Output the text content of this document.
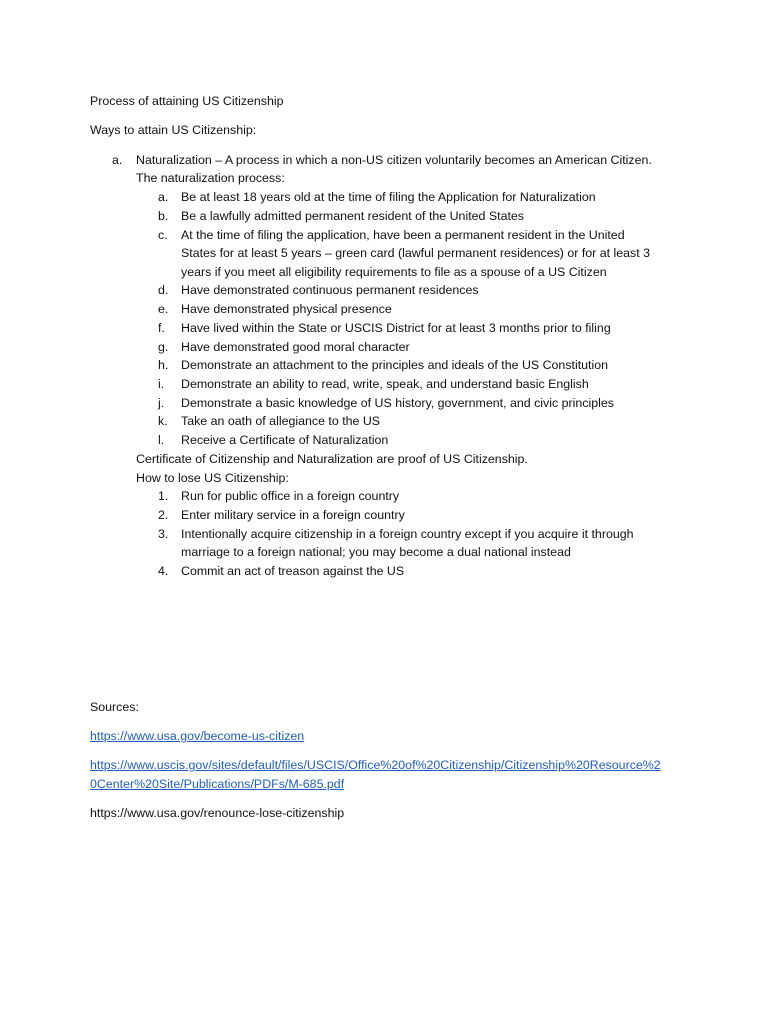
Process of attaining US Citizenship
Ways to attain US Citizenship:
a. Naturalization – A process in which a non-US citizen voluntarily becomes an American Citizen.
The naturalization process:
a. Be at least 18 years old at the time of filing the Application for Naturalization
b. Be a lawfully admitted permanent resident of the United States
c. At the time of filing the application, have been a permanent resident in the United
States for at least 5 years – green card (lawful permanent residences) or for at least 3
years if you meet all eligibility requirements to file as a spouse of a US Citizen
d. Have demonstrated continuous permanent residences
e. Have demonstrated physical presence
f. Have lived within the State or USCIS District for at least 3 months prior to filing
g. Have demonstrated good moral character
h. Demonstrate an attachment to the principles and ideals of the US Constitution
i. Demonstrate an ability to read, write, speak, and understand basic English
j. Demonstrate a basic knowledge of US history, government, and civic principles
k. Take an oath of allegiance to the US
l. Receive a Certificate of Naturalization
Certificate of Citizenship and Naturalization are proof of US Citizenship.
How to lose US Citizenship:
1. Run for public office in a foreign country
2. Enter military service in a foreign country
3. Intentionally acquire citizenship in a foreign country except if you acquire it through
marriage to a foreign national; you may become a dual national instead
4. Commit an act of treason against the US
Sources:
https://www.usa.gov/become-us-citizen
https://www.uscis.gov/sites/default/files/USCIS/Office%20of%20Citizenship/Citizenship%20Resource%2
0Center%20Site/Publications/PDFs/M-685.pdf
https://www.usa.gov/renounce-lose-citizenship
